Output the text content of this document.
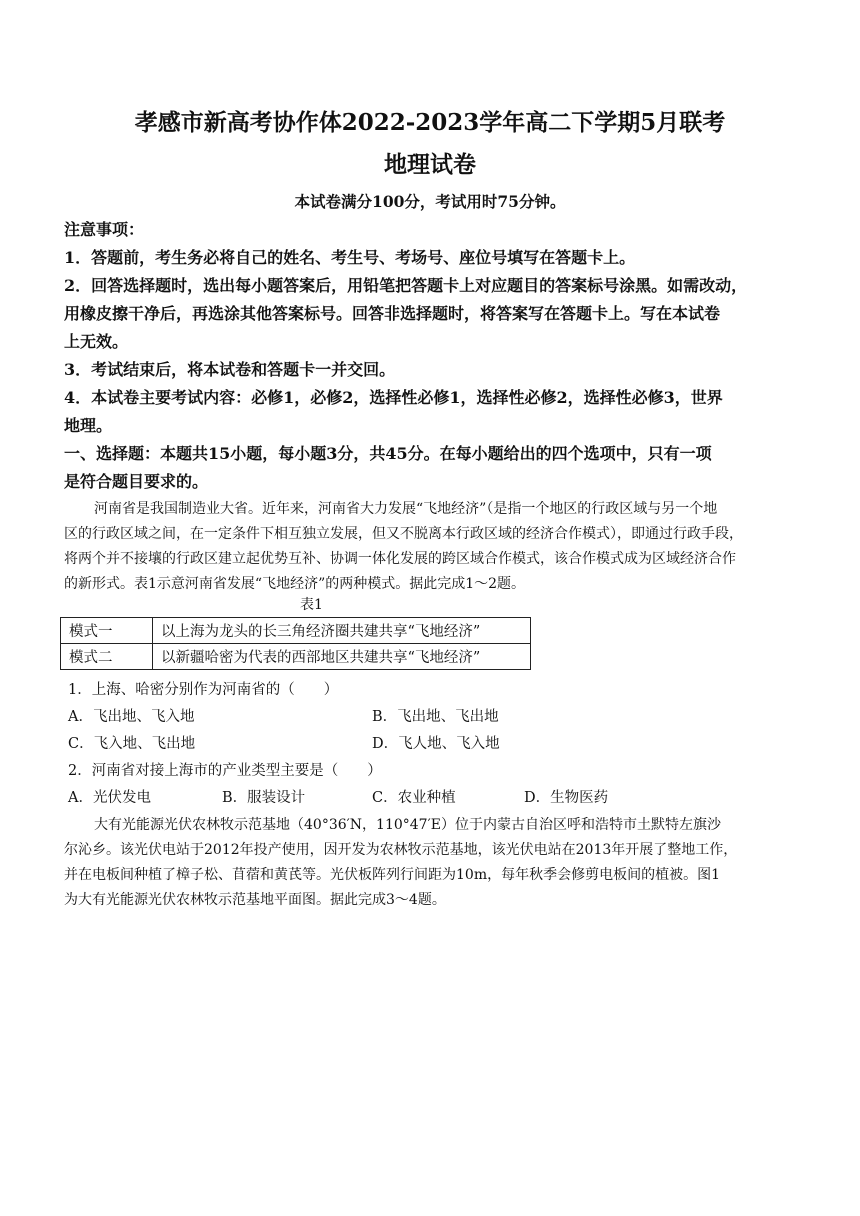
孝感市新高考协作体2022-2023学年高二下学期5月联考
地理试卷
本试卷满分100分，考试用时75分钟。
注意事项：
1．答题前，考生务必将自己的姓名、考生号、考场号、座位号填写在答题卡上。
2．回答选择题时，选出每小题答案后，用铅笔把答题卡上对应题目的答案标号涂黑。如需改动，
用橡皮擦干净后，再选涂其他答案标号。回答非选择题时，将答案写在答题卡上。写在本试卷
上无效。
3．考试结束后，将本试卷和答题卡一并交回。
4．本试卷主要考试内容：必修1，必修2，选择性必修1，选择性必修2，选择性必修3，世界
地理。
一、选择题：本题共15小题，每小题3分，共45分。在每小题给出的四个选项中，只有一项
是符合题目要求的。
河南省是我国制造业大省。近年来，河南省大力发展“飞地经济”（是指一个地区的行政区域与另一个地
区的行政区域之间，在一定条件下相互独立发展，但又不脱离本行政区域的经济合作模式），即通过行政手段，
将两个并不接壤的行政区建立起优势互补、协调一体化发展的跨区域合作模式，该合作模式成为区域经济合作
的新形式。表1示意河南省发展“飞地经济”的两种模式。据此完成1～2题。
表1
模式一	以上海为龙头的长三角经济圈共建共享“飞地经济”
模式二	以新疆哈密为代表的西部地区共建共享“飞地经济”
1．上海、哈密分别作为河南省的（　　）
A．飞出地、飞入地	B．飞出地、飞出地
C．飞入地、飞出地	D．飞人地、飞入地
2．河南省对接上海市的产业类型主要是（　　）
A．光伏发电	B．服装设计	C．农业种植	D．生物医药
大有光能源光伏农林牧示范基地（40°36′N，110°47′E）位于内蒙古自治区呼和浩特市土默特左旗沙
尔沁乡。该光伏电站于2012年投产使用，因开发为农林牧示范基地，该光伏电站在2013年开展了整地工作，
并在电板间种植了樟子松、苜蓿和黄芪等。光伏板阵列行间距为10m，每年秋季会修剪电板间的植被。图1
为大有光能源光伏农林牧示范基地平面图。据此完成3～4题。
